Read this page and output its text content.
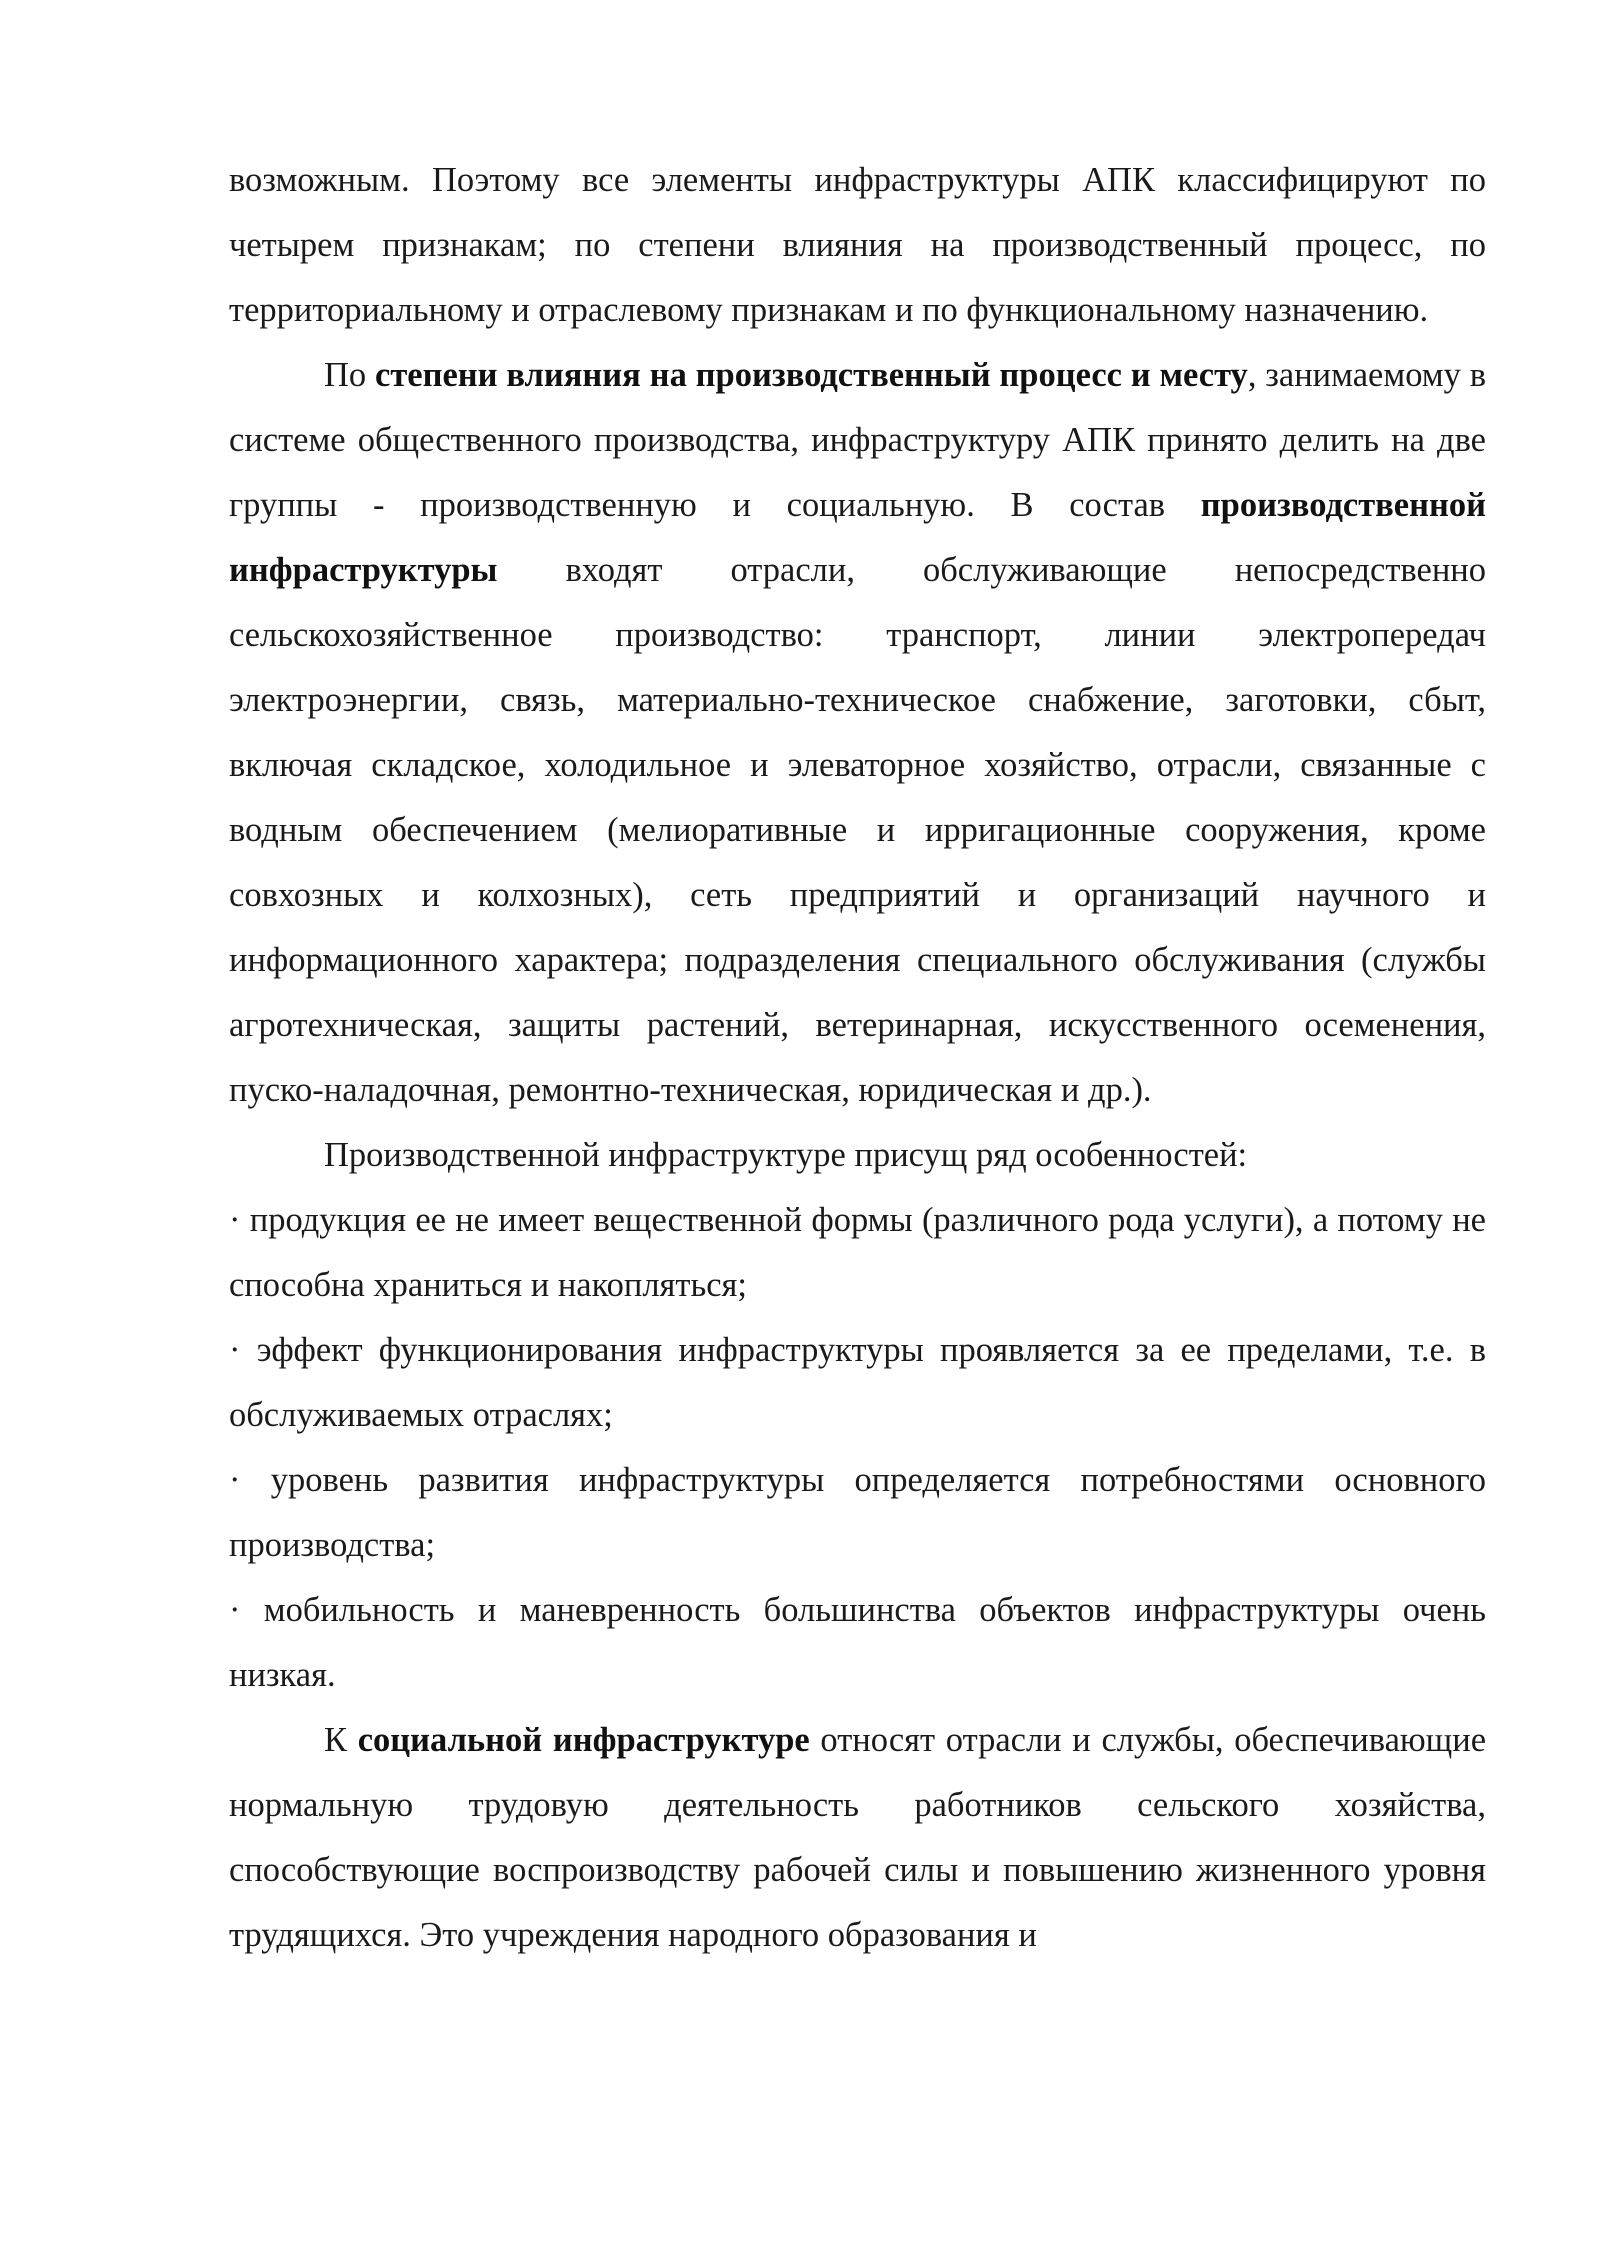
возможным. Поэтому все элементы инфраструктуры АПК классифицируют по четырем признакам; по степени влияния на производственный процесс, по территориальному и отраслевому признакам и по функциональному назначению.

По степени влияния на производственный процесс и месту, занимаемому в системе общественного производства, инфраструктуру АПК принято делить на две группы - производственную и социальную. В состав производственной инфраструктуры входят отрасли, обслуживающие непосредственно сельскохозяйственное производство: транспорт, линии электропередач электроэнергии, связь, материально-техническое снабжение, заготовки, сбыт, включая складское, холодильное и элеваторное хозяйство, отрасли, связанные с водным обеспечением (мелиоративные и ирригационные сооружения, кроме совхозных и колхозных), сеть предприятий и организаций научного и информационного характера; подразделения специального обслуживания (службы агротехническая, защиты растений, ветеринарная, искусственного осеменения, пуско-наладочная, ремонтно-техническая, юридическая и др.).

Производственной инфраструктуре присущ ряд особенностей:

· продукция ее не имеет вещественной формы (различного рода услуги), а потому не способна храниться и накопляться;

· эффект функционирования инфраструктуры проявляется за ее пределами, т.е. в обслуживаемых отраслях;

· уровень развития инфраструктуры определяется потребностями основного производства;

· мобильность и маневренность большинства объектов инфраструктуры очень низкая.

К социальной инфраструктуре относят отрасли и службы, обеспечивающие нормальную трудовую деятельность работников сельского хозяйства, способствующие воспроизводству рабочей силы и повышению жизненного уровня трудящихся. Это учреждения народного образования и
